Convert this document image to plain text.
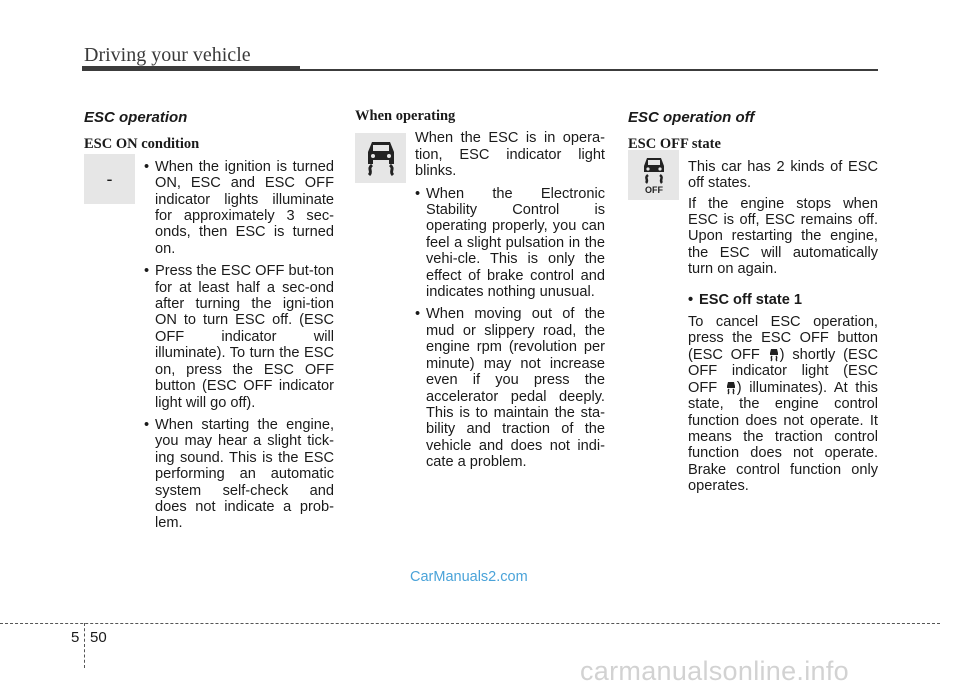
Driving your vehicle
-
ESC operation
ESC ON condition
• When the ignition is turned ON, ESC and ESC OFF indicator lights illuminate for approximately 3 sec-onds, then ESC is turned on.
• Press the ESC OFF but-ton for at least half a sec-ond after turning the igni-tion ON to turn ESC off. (ESC OFF indicator will illuminate). To turn the ESC on, press the ESC OFF button (ESC OFF indicator light will go off).
• When starting the engine, you may hear a slight tick-ing sound. This is the ESC performing an automatic system self-check and does not indicate a prob-lem.
When operating
When the ESC is in opera-tion, ESC indicator light blinks.
• When the Electronic Stability Control is operating properly, you can feel a slight pulsation in the vehi-cle. This is only the effect of brake control and indicates nothing unusual.
• When moving out of the mud or slippery road, the engine rpm (revolution per minute) may not increase even if you press the accelerator pedal deeply. This is to maintain the sta-bility and traction of the vehicle and does not indi-cate a problem.
OFF
ESC operation off
ESC OFF state
This car has 2 kinds of ESC off states.
If the engine stops when ESC is off, ESC remains off. Upon restarting the engine, the ESC will automatically turn on again.
• ESC off state 1
To cancel ESC operation, press the ESC OFF button (ESC OFF ) shortly (ESC OFF indicator light (ESC OFF ) illuminates). At this state, the engine control function does not operate. It means the traction control function does not operate. Brake control function only operates.
CarManuals2.com
5 50
carmanualsonline.info
